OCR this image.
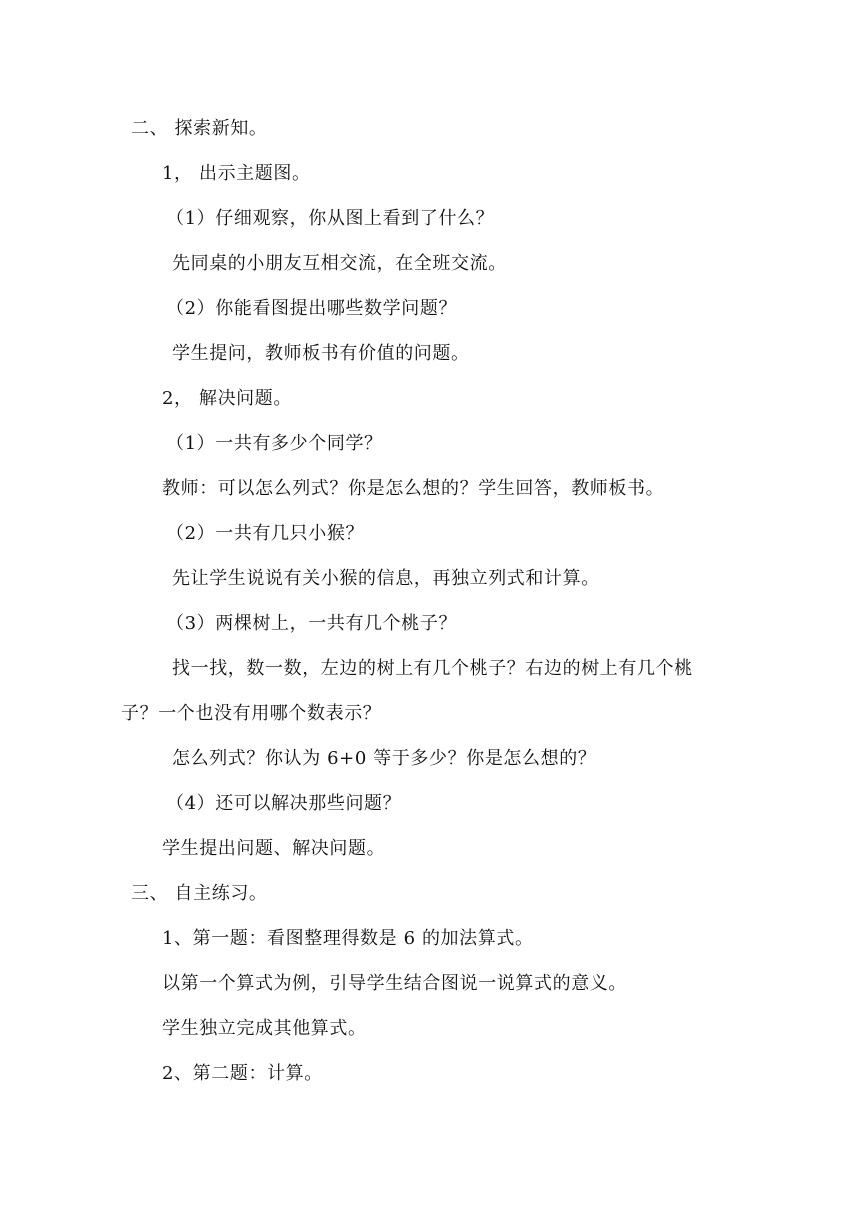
二、 探索新知。
1， 出示主题图。
（1）仔细观察，你从图上看到了什么？
先同桌的小朋友互相交流，在全班交流。
（2）你能看图提出哪些数学问题？
学生提问，教师板书有价值的问题。
2， 解决问题。
（1）一共有多少个同学？
教师：可以怎么列式？你是怎么想的？学生回答，教师板书。
（2）一共有几只小猴？
先让学生说说有关小猴的信息，再独立列式和计算。
（3）两棵树上，一共有几个桃子？
找一找，数一数，左边的树上有几个桃子？右边的树上有几个桃
子？一个也没有用哪个数表示？
怎么列式？你认为 6+0 等于多少？你是怎么想的？
（4）还可以解决那些问题？
学生提出问题、解决问题。
三、 自主练习。
1、第一题：看图整理得数是 6 的加法算式。
以第一个算式为例，引导学生结合图说一说算式的意义。
学生独立完成其他算式。
2、第二题：计算。
